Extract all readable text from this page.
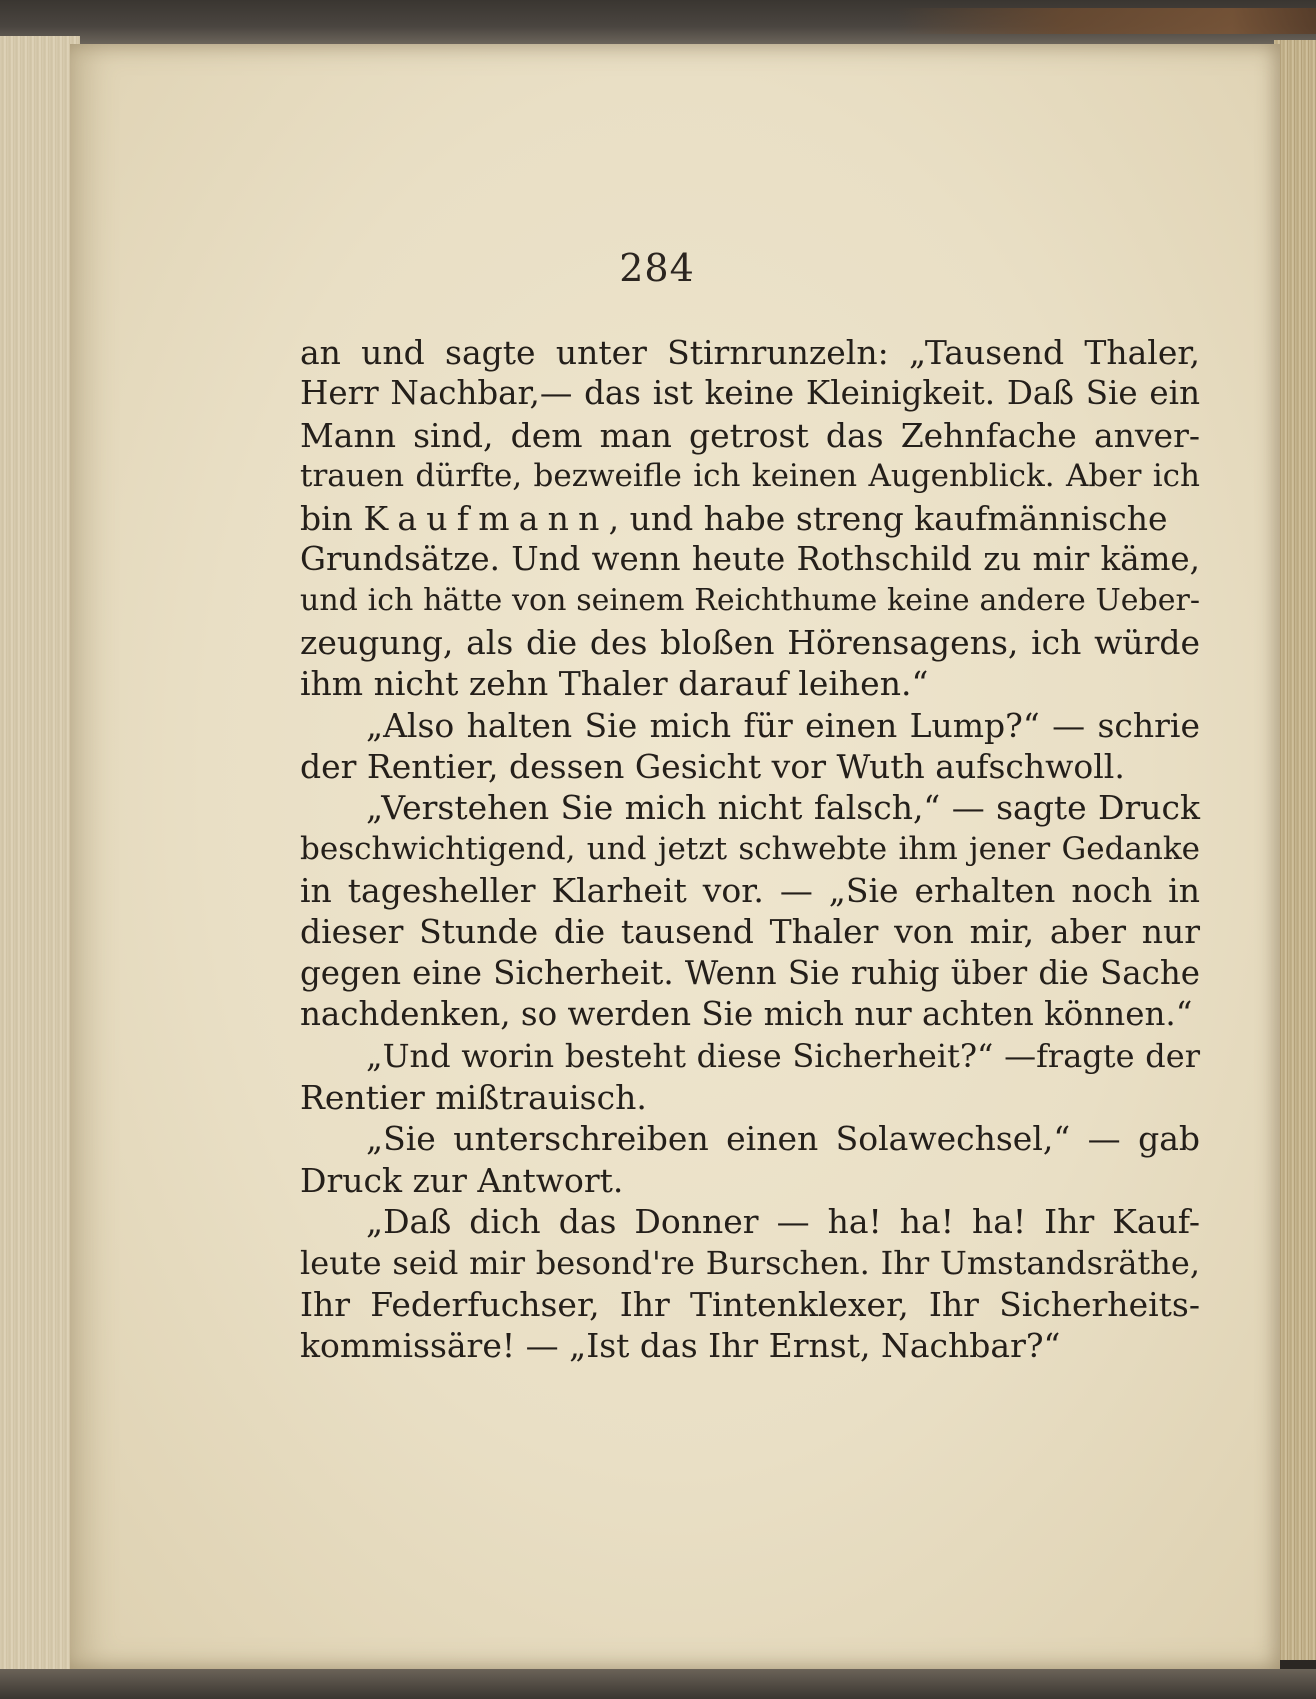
284
an und sagte unter Stirnrunzeln: „Tausend Thaler,
Herr Nachbar,— das ist keine Kleinigkeit. Daß Sie ein
Mann sind, dem man getrost das Zehnfache anver-
trauen dürfte, bezweifle ich keinen Augenblick. Aber ich
bin Kaufmann, und habe streng kaufmännische
Grundsätze. Und wenn heute Rothschild zu mir käme,
und ich hätte von seinem Reichthume keine andere Ueber-
zeugung, als die des bloßen Hörensagens, ich würde
ihm nicht zehn Thaler darauf leihen.“
„Also halten Sie mich für einen Lump?“ — schrie
der Rentier, dessen Gesicht vor Wuth aufschwoll.
„Verstehen Sie mich nicht falsch,“ — sagte Druck
beschwichtigend, und jetzt schwebte ihm jener Gedanke
in tagesheller Klarheit vor. — „Sie erhalten noch in
dieser Stunde die tausend Thaler von mir, aber nur
gegen eine Sicherheit. Wenn Sie ruhig über die Sache
nachdenken, so werden Sie mich nur achten können.“
„Und worin besteht diese Sicherheit?“ —fragte der
Rentier mißtrauisch.
„Sie unterschreiben einen Solawechsel,“ — gab
Druck zur Antwort.
„Daß dich das Donner — ha! ha! ha! Ihr Kauf-
leute seid mir besond're Burschen. Ihr Umstandsräthe,
Ihr Federfuchser, Ihr Tintenklexer, Ihr Sicherheits-
kommissäre! — „Ist das Ihr Ernst, Nachbar?“
